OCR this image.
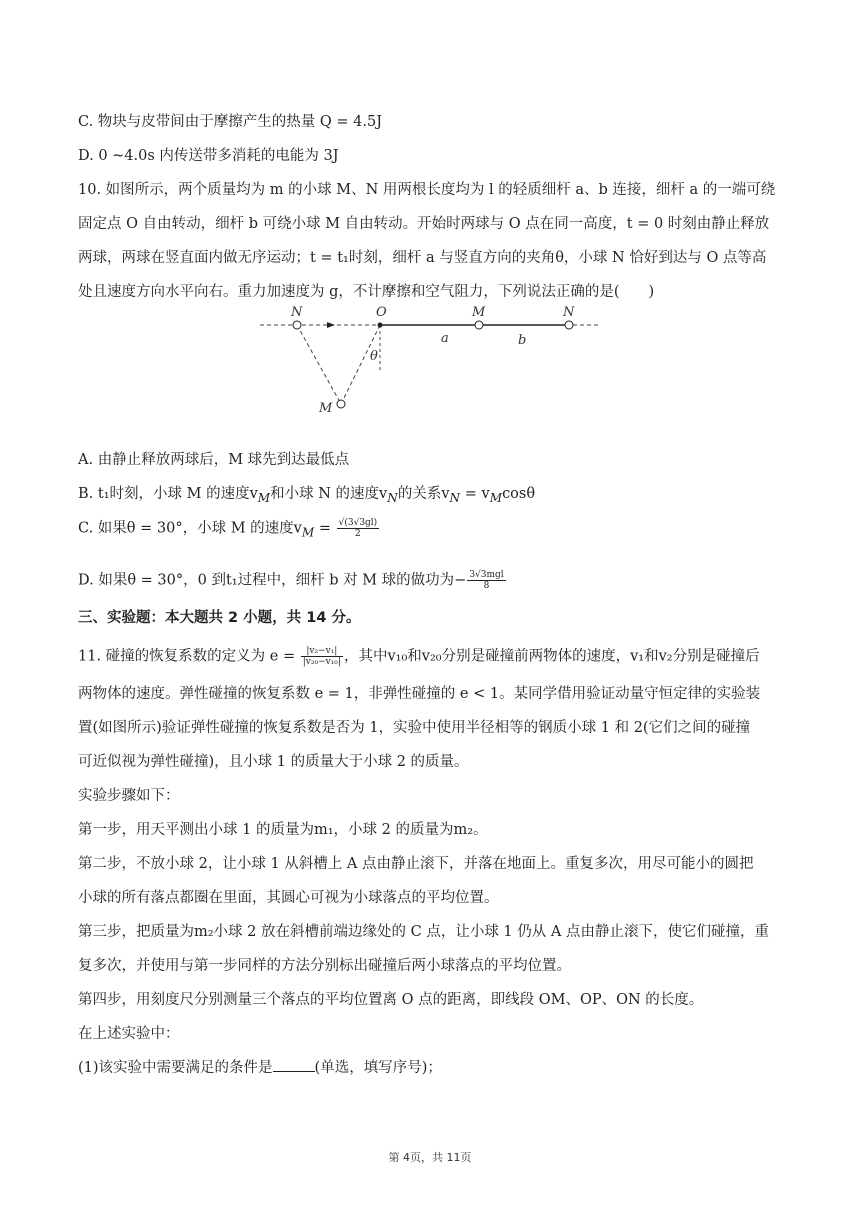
C. 物块与皮带间由于摩擦产生的热量 Q = 4.5J
D. 0 ~4.0s 内传送带多消耗的电能为 3J
10. 如图所示，两个质量均为 m 的小球 M、N 用两根长度均为 l 的轻质细杆 a、b 连接，细杆 a 的一端可绕
固定点 O 自由转动，细杆 b 可绕小球 M 自由转动。开始时两球与 O 点在同一高度，t = 0 时刻由静止释放
两球，两球在竖直面内做无序运动；t = t₁时刻，细杆 a 与竖直方向的夹角θ，小球 N 恰好到达与 O 点等高
处且速度方向水平向右。重力加速度为 g，不计摩擦和空气阻力，下列说法正确的是(　　)
N	O	M	N
a	b
θ
M
A. 由静止释放两球后，M 球先到达最低点
B. t₁时刻，小球 M 的速度$v_M$和小球 N 的速度$v_N$的关系$v_N = v_M\cos\theta$
C. 如果θ = 30°，小球 M 的速度$v_M = \frac{√(3√3gl)}{2}$
D. 如果θ = 30°，0 到t₁过程中，细杆 b 对 M 球的做功为− $\frac{\text{3√3mgl}}{8}$
三、实验题：本大题共 2 小题，共 14 分。
11. 碰撞的恢复系数的定义为 $e = \frac{\text{|v₂−v₁|}}{\text{|v₂₀−v₁₀|}}$ ，其中v₁₀和v₂₀分别是碰撞前两物体的速度，v₁和v₂分别是碰撞后
两物体的速度。弹性碰撞的恢复系数 e = 1，非弹性碰撞的 e < 1。某同学借用验证动量守恒定律的实验装
置(如图所示)验证弹性碰撞的恢复系数是否为 1，实验中使用半径相等的钢质小球 1 和 2(它们之间的碰撞
可近似视为弹性碰撞)，且小球 1 的质量大于小球 2 的质量。
实验步骤如下：
第一步，用天平测出小球 1 的质量为m₁，小球 2 的质量为m₂。
第二步，不放小球 2，让小球 1 从斜槽上 A 点由静止滚下，并落在地面上。重复多次，用尽可能小的圆把
小球的所有落点都圈在里面，其圆心可视为小球落点的平均位置。
第三步，把质量为m₂小球 2 放在斜槽前端边缘处的 C 点，让小球 1 仍从 A 点由静止滚下，使它们碰撞，重
复多次，并使用与第一步同样的方法分别标出碰撞后两小球落点的平均位置。
第四步，用刻度尺分别测量三个落点的平均位置离 O 点的距离，即线段 OM、OP、ON 的长度。
在上述实验中：
(1)该实验中需要满足的条件是	(单选，填写序号)；
第 4页，共 11页
